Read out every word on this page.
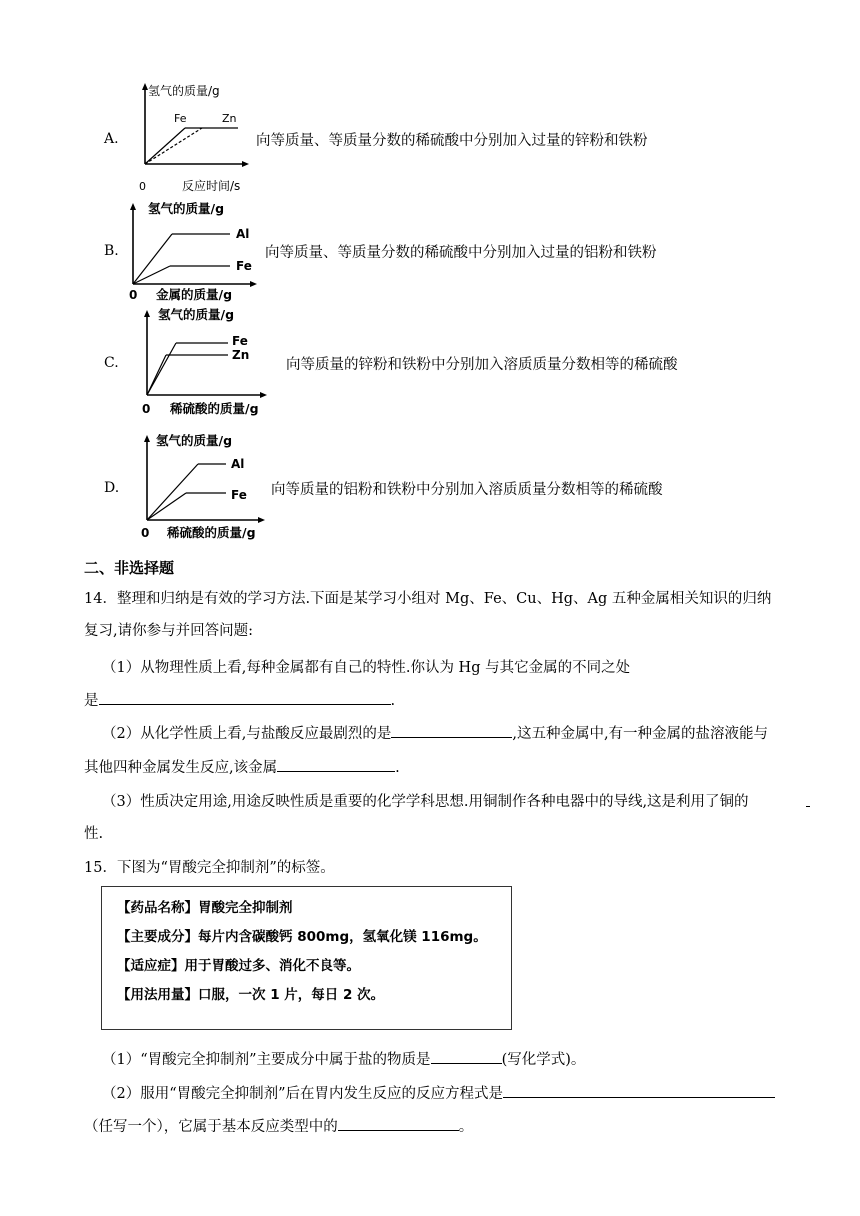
A.
氢气的质量/g
Fe	Zn
0	反应时间/s
向等质量、等质量分数的稀硫酸中分别加入过量的锌粉和铁粉
B.
氢气的质量/g
Al
Fe
0 金属的质量/g
向等质量、等质量分数的稀硫酸中分别加入过量的铝粉和铁粉
C.
氢气的质量/g
Fe
Zn
0 稀硫酸的质量/g
向等质量的锌粉和铁粉中分别加入溶质质量分数相等的稀硫酸
D.
氢气的质量/g
Al
Fe
0 稀硫酸的质量/g
向等质量的铝粉和铁粉中分别加入溶质质量分数相等的稀硫酸
二、非选择题
14．整理和归纳是有效的学习方法.下面是某学习小组对 Mg、Fe、Cu、Hg、Ag 五种金属相关知识的归纳
复习,请你参与并回答问题:
（1）从物理性质上看,每种金属都有自己的特性.你认为 Hg 与其它金属的不同之处
是	.
（2）从化学性质上看,与盐酸反应最剧烈的是	,这五种金属中,有一种金属的盐溶液能与
其他四种金属发生反应,该金属	.
（3）性质决定用途,用途反映性质是重要的化学学科思想.用铜制作各种电器中的导线,这是利用了铜的
性.
15．下图为“胃酸完全抑制剂”的标签。
【药品名称】胃酸完全抑制剂
【主要成分】每片内含碳酸钙 800mg，氢氧化镁 116mg。
【适应症】用于胃酸过多、消化不良等。
【用法用量】口服，一次 1 片，每日 2 次。
（1）“胃酸完全抑制剂”主要成分中属于盐的物质是	(写化学式)。
（2）服用“胃酸完全抑制剂”后在胃内发生反应的反应方程式是
（任写一个），它属于基本反应类型中的	。
